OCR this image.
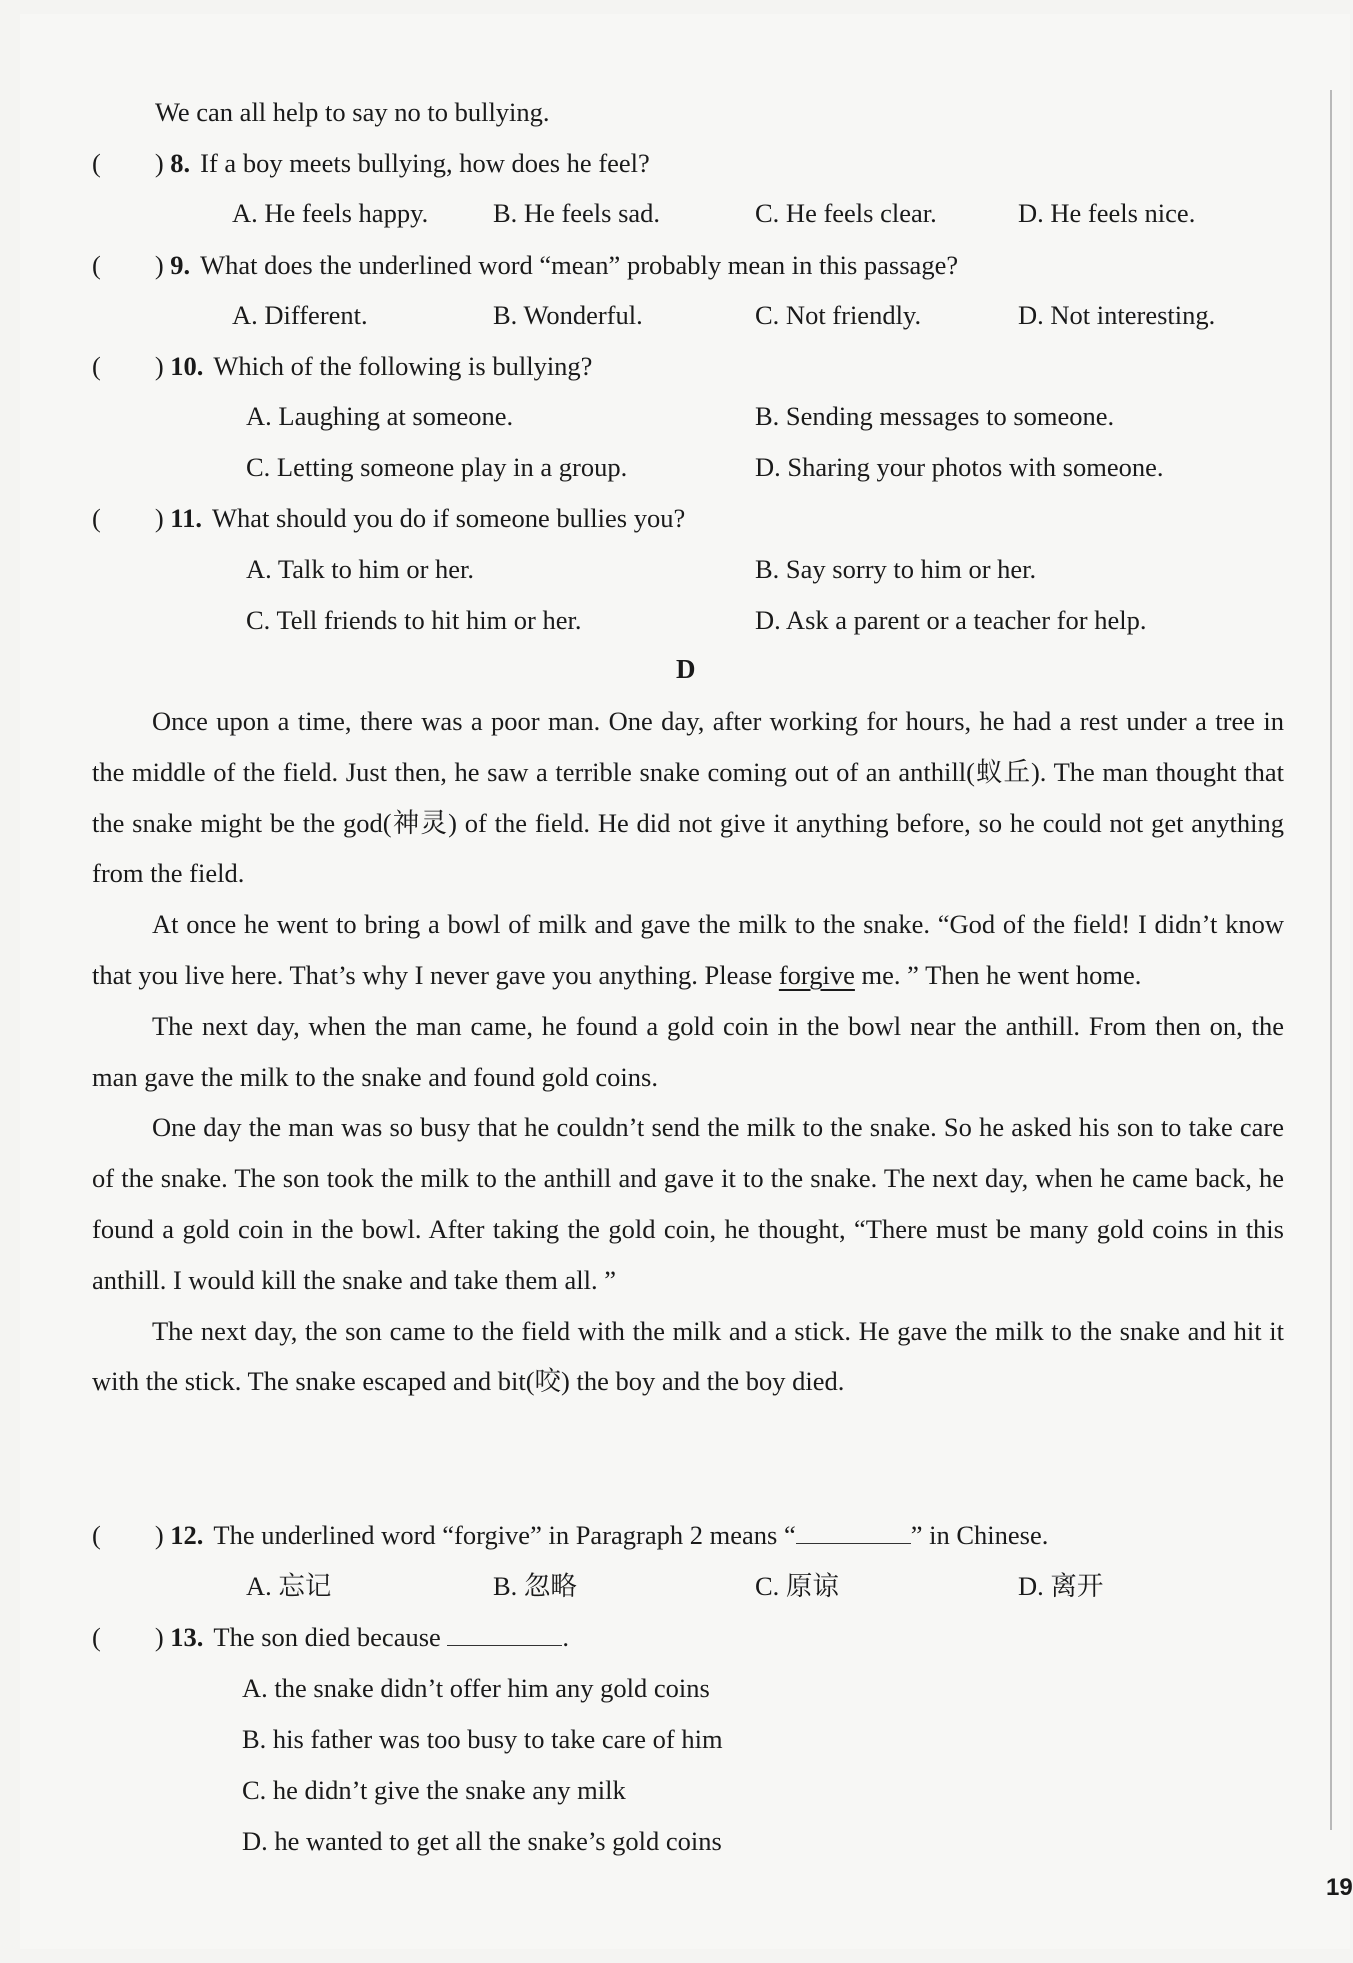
We can all help to say no to bullying.
( ) 8. If a boy meets bullying, how does he feel?
A. He feels happy. B. He feels sad.	C. He feels clear.	D. He feels nice.
( ) 9. What does the underlined word “mean” probably mean in this passage?
A. Different.	B. Wonderful.	C. Not friendly.	D. Not interesting.
( ) 10. Which of the following is bullying?
A. Laughing at someone.	B. Sending messages to someone.
C. Letting someone play in a group.	D. Sharing your photos with someone.
( ) 11. What should you do if someone bullies you?
A. Talk to him or her.	B. Say sorry to him or her.
C. Tell friends to hit him or her.	D. Ask a parent or a teacher for help.
D

Once upon a time, there was a poor man. One day, after working for hours, he had a rest under a tree in the middle of the field. Just then, he saw a terrible snake coming out of an anthill(蚁丘). The man thought that the snake might be the god(神灵) of the field. He did not give it anything before, so he could not get anything from the field.

At once he went to bring a bowl of milk and gave the milk to the snake. “God of the field! I didn’t know that you live here. That’s why I never gave you anything. Please forgive me. ” Then he went home.

The next day, when the man came, he found a gold coin in the bowl near the anthill. From then on, the man gave the milk to the snake and found gold coins.

One day the man was so busy that he couldn’t send the milk to the snake. So he asked his son to take care of the snake. The son took the milk to the anthill and gave it to the snake. The next day, when he came back, he found a gold coin in the bowl. After taking the gold coin, he thought, “There must be many gold coins in this anthill. I would kill the snake and take them all. ”

The next day, the son came to the field with the milk and a stick. He gave the milk to the snake and hit it with the stick. The snake escaped and bit(咬) the boy and the boy died.

( ) 12. The underlined word “forgive” in Paragraph 2 means “	” in Chinese.
A. 忘记	B. 忽略	C. 原谅	D. 离开
( ) 13. The son died because	.
A. the snake didn’t offer him any gold coins
B. his father was too busy to take care of him
C. he didn’t give the snake any milk
D. he wanted to get all the snake’s gold coins
19
